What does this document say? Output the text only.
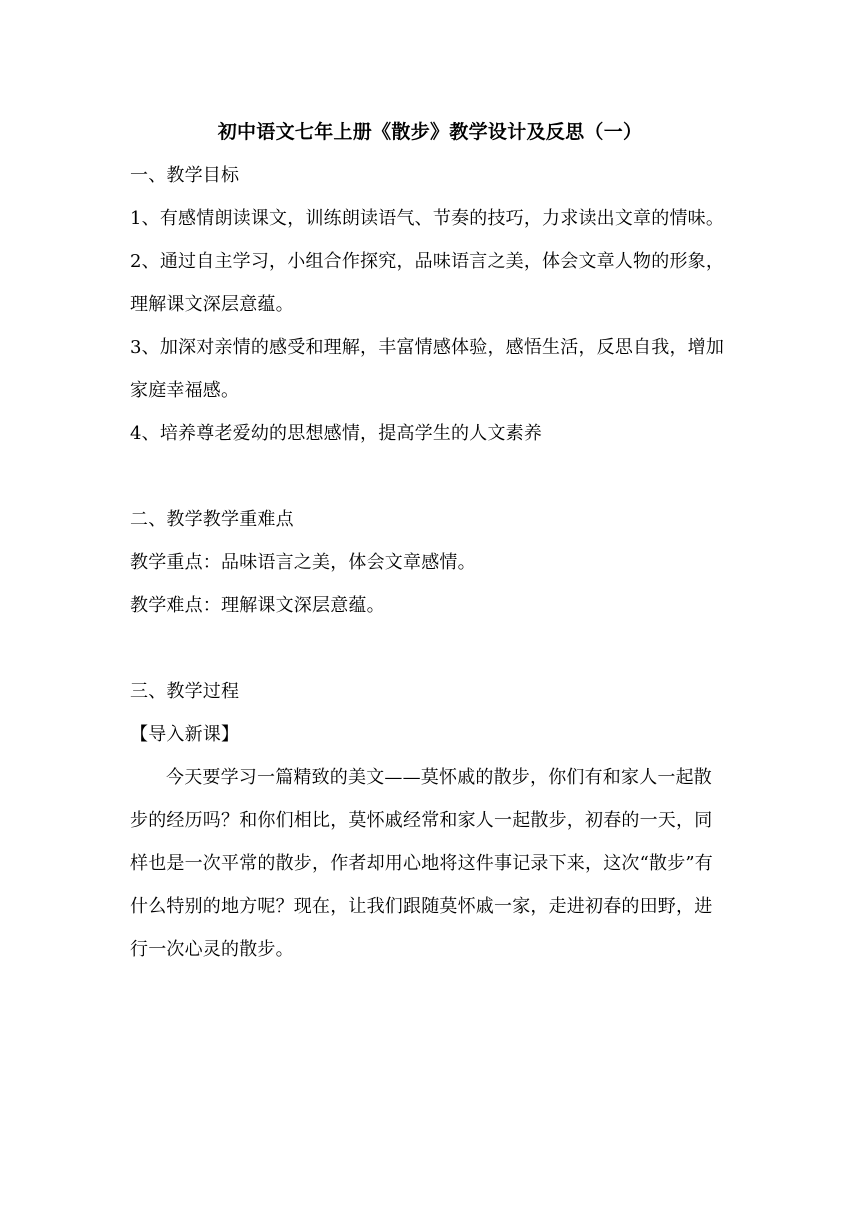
初中语文七年上册《散步》教学设计及反思（一）

一、教学目标

1、有感情朗读课文，训练朗读语气、节奏的技巧，力求读出文章的情味。

2、通过自主学习，小组合作探究，品味语言之美，体会文章人物的形象，理解课文深层意蕴。

3、加深对亲情的感受和理解，丰富情感体验，感悟生活，反思自我，增加家庭幸福感。

4、培养尊老爱幼的思想感情，提高学生的人文素养

二、教学教学重难点

教学重点：品味语言之美，体会文章感情。

教学难点：理解课文深层意蕴。

三、教学过程

【导入新课】

今天要学习一篇精致的美文——莫怀戚的散步，你们有和家人一起散步的经历吗？和你们相比，莫怀戚经常和家人一起散步，初春的一天，同样也是一次平常的散步，作者却用心地将这件事记录下来，这次“散步”有什么特别的地方呢？现在，让我们跟随莫怀戚一家，走进初春的田野，进行一次心灵的散步。
